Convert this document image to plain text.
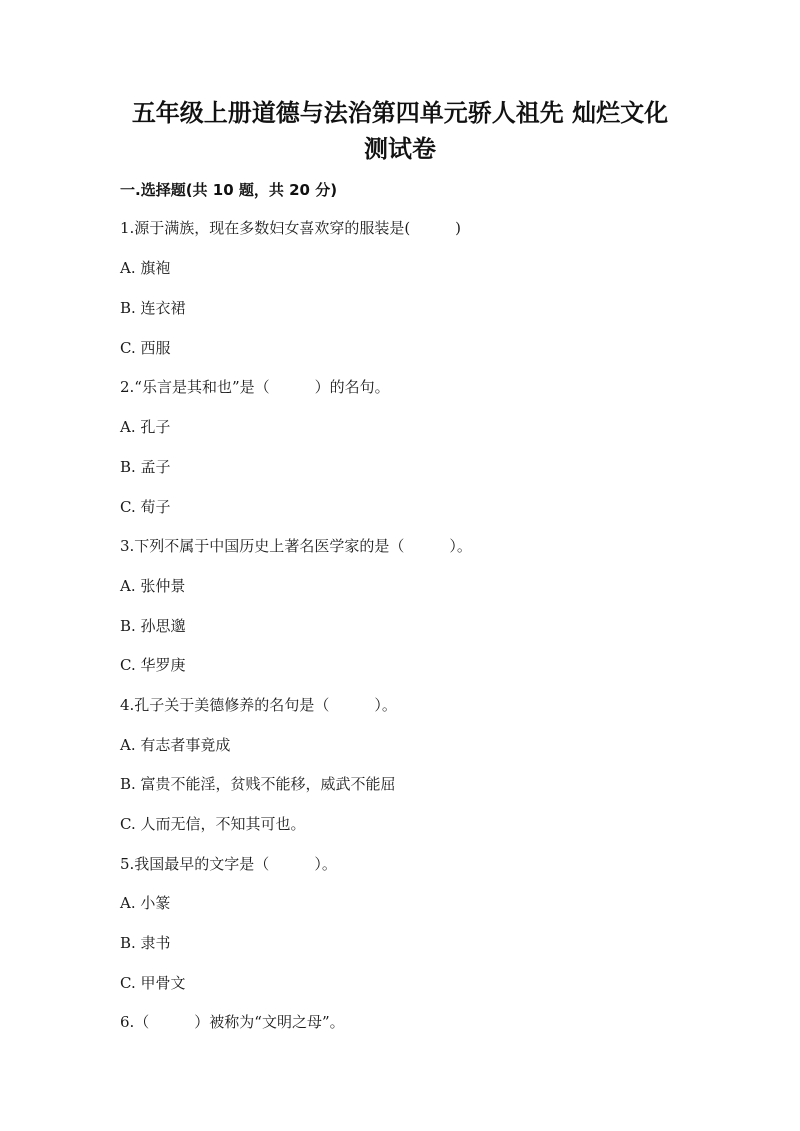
五年级上册道德与法治第四单元骄人祖先 灿烂文化
测试卷
一.选择题(共 10 题，共 20 分)
1.源于满族，现在多数妇女喜欢穿的服装是(　　　)
A. 旗袍
B. 连衣裙
C. 西服
2.“乐言是其和也”是（　　　）的名句。
A. 孔子
B. 孟子
C. 荀子
3.下列不属于中国历史上著名医学家的是（　　　）。
A. 张仲景
B. 孙思邈
C. 华罗庚
4.孔子关于美德修养的名句是（　　　）。
A. 有志者事竟成
B. 富贵不能淫，贫贱不能移，威武不能屈
C. 人而无信，不知其可也。
5.我国最早的文字是（　　　）。
A. 小篆
B. 隶书
C. 甲骨文
6.（　　　）被称为“文明之母”。
